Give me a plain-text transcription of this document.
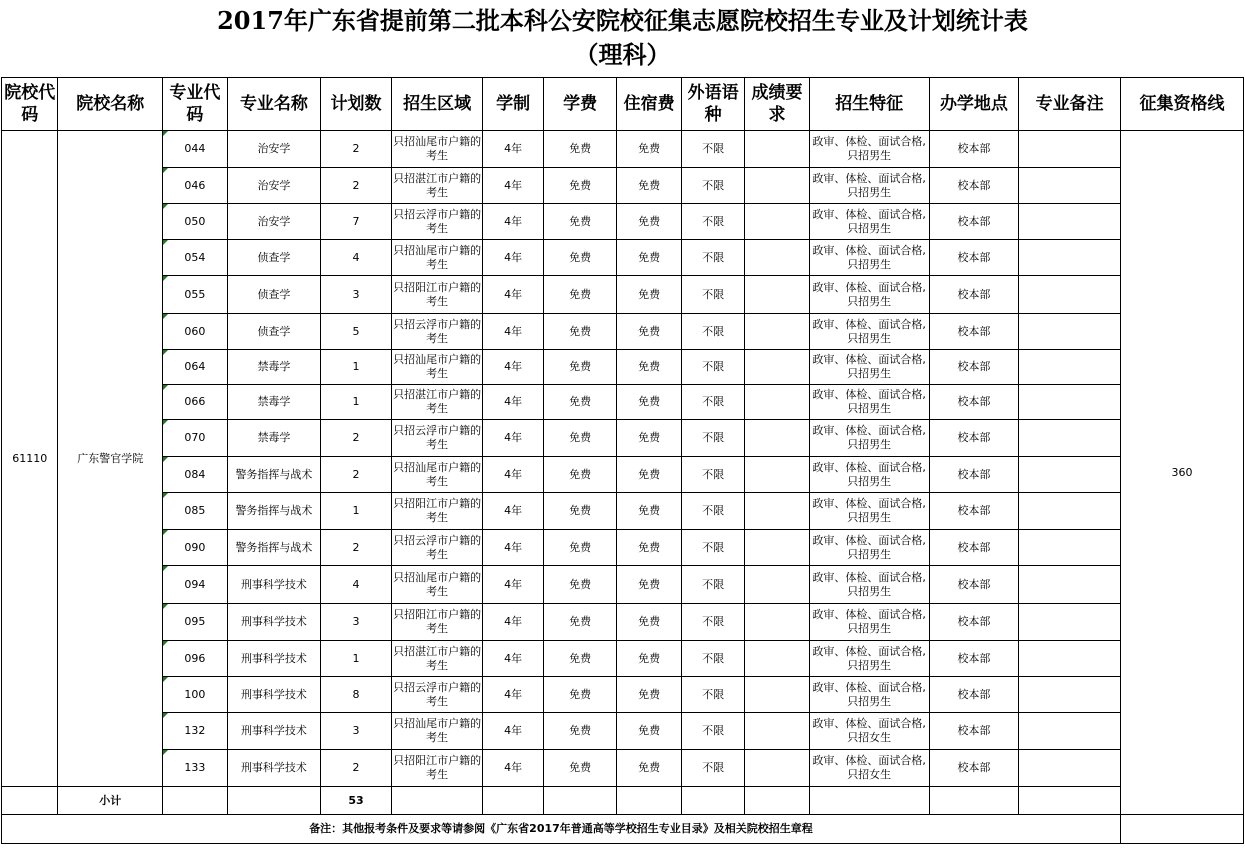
2017年广东省提前第二批本科公安院校征集志愿院校招生专业及计划统计表
（理科）
院校代码	院校名称	专业代码	专业名称	计划数	招生区域	学制	学费	住宿费	外语语种	成绩要求	招生特征	办学地点	专业备注	征集资格线
61110	广东警官学院	044	治安学	2	只招汕尾市户籍的考生	4年	免费	免费	不限		政审、体检、面试合格,只招男生	校本部		360
		046	治安学	2	只招湛江市户籍的考生	4年	免费	免费	不限		政审、体检、面试合格,只招男生	校本部		
		050	治安学	7	只招云浮市户籍的考生	4年	免费	免费	不限		政审、体检、面试合格,只招男生	校本部		
		054	侦查学	4	只招汕尾市户籍的考生	4年	免费	免费	不限		政审、体检、面试合格,只招男生	校本部		
		055	侦查学	3	只招阳江市户籍的考生	4年	免费	免费	不限		政审、体检、面试合格,只招男生	校本部		
		060	侦查学	5	只招云浮市户籍的考生	4年	免费	免费	不限		政审、体检、面试合格,只招男生	校本部		
		064	禁毒学	1	只招汕尾市户籍的考生	4年	免费	免费	不限		政审、体检、面试合格,只招男生	校本部		
		066	禁毒学	1	只招湛江市户籍的考生	4年	免费	免费	不限		政审、体检、面试合格,只招男生	校本部		
		070	禁毒学	2	只招云浮市户籍的考生	4年	免费	免费	不限		政审、体检、面试合格,只招男生	校本部		
		084	警务指挥与战术	2	只招汕尾市户籍的考生	4年	免费	免费	不限		政审、体检、面试合格,只招男生	校本部		
		085	警务指挥与战术	1	只招阳江市户籍的考生	4年	免费	免费	不限		政审、体检、面试合格,只招男生	校本部		
		090	警务指挥与战术	2	只招云浮市户籍的考生	4年	免费	免费	不限		政审、体检、面试合格,只招男生	校本部		
		094	刑事科学技术	4	只招汕尾市户籍的考生	4年	免费	免费	不限		政审、体检、面试合格,只招男生	校本部		
		095	刑事科学技术	3	只招阳江市户籍的考生	4年	免费	免费	不限		政审、体检、面试合格,只招男生	校本部		
		096	刑事科学技术	1	只招湛江市户籍的考生	4年	免费	免费	不限		政审、体检、面试合格,只招男生	校本部		
		100	刑事科学技术	8	只招云浮市户籍的考生	4年	免费	免费	不限		政审、体检、面试合格,只招男生	校本部		
		132	刑事科学技术	3	只招汕尾市户籍的考生	4年	免费	免费	不限		政审、体检、面试合格,只招女生	校本部		
		133	刑事科学技术	2	只招阳江市户籍的考生	4年	免费	免费	不限		政审、体检、面试合格,只招女生	校本部		
	小计			53										
备注：其他报考条件及要求等请参阅《广东省2017年普通高等学校招生专业目录》及相关院校招生章程														
